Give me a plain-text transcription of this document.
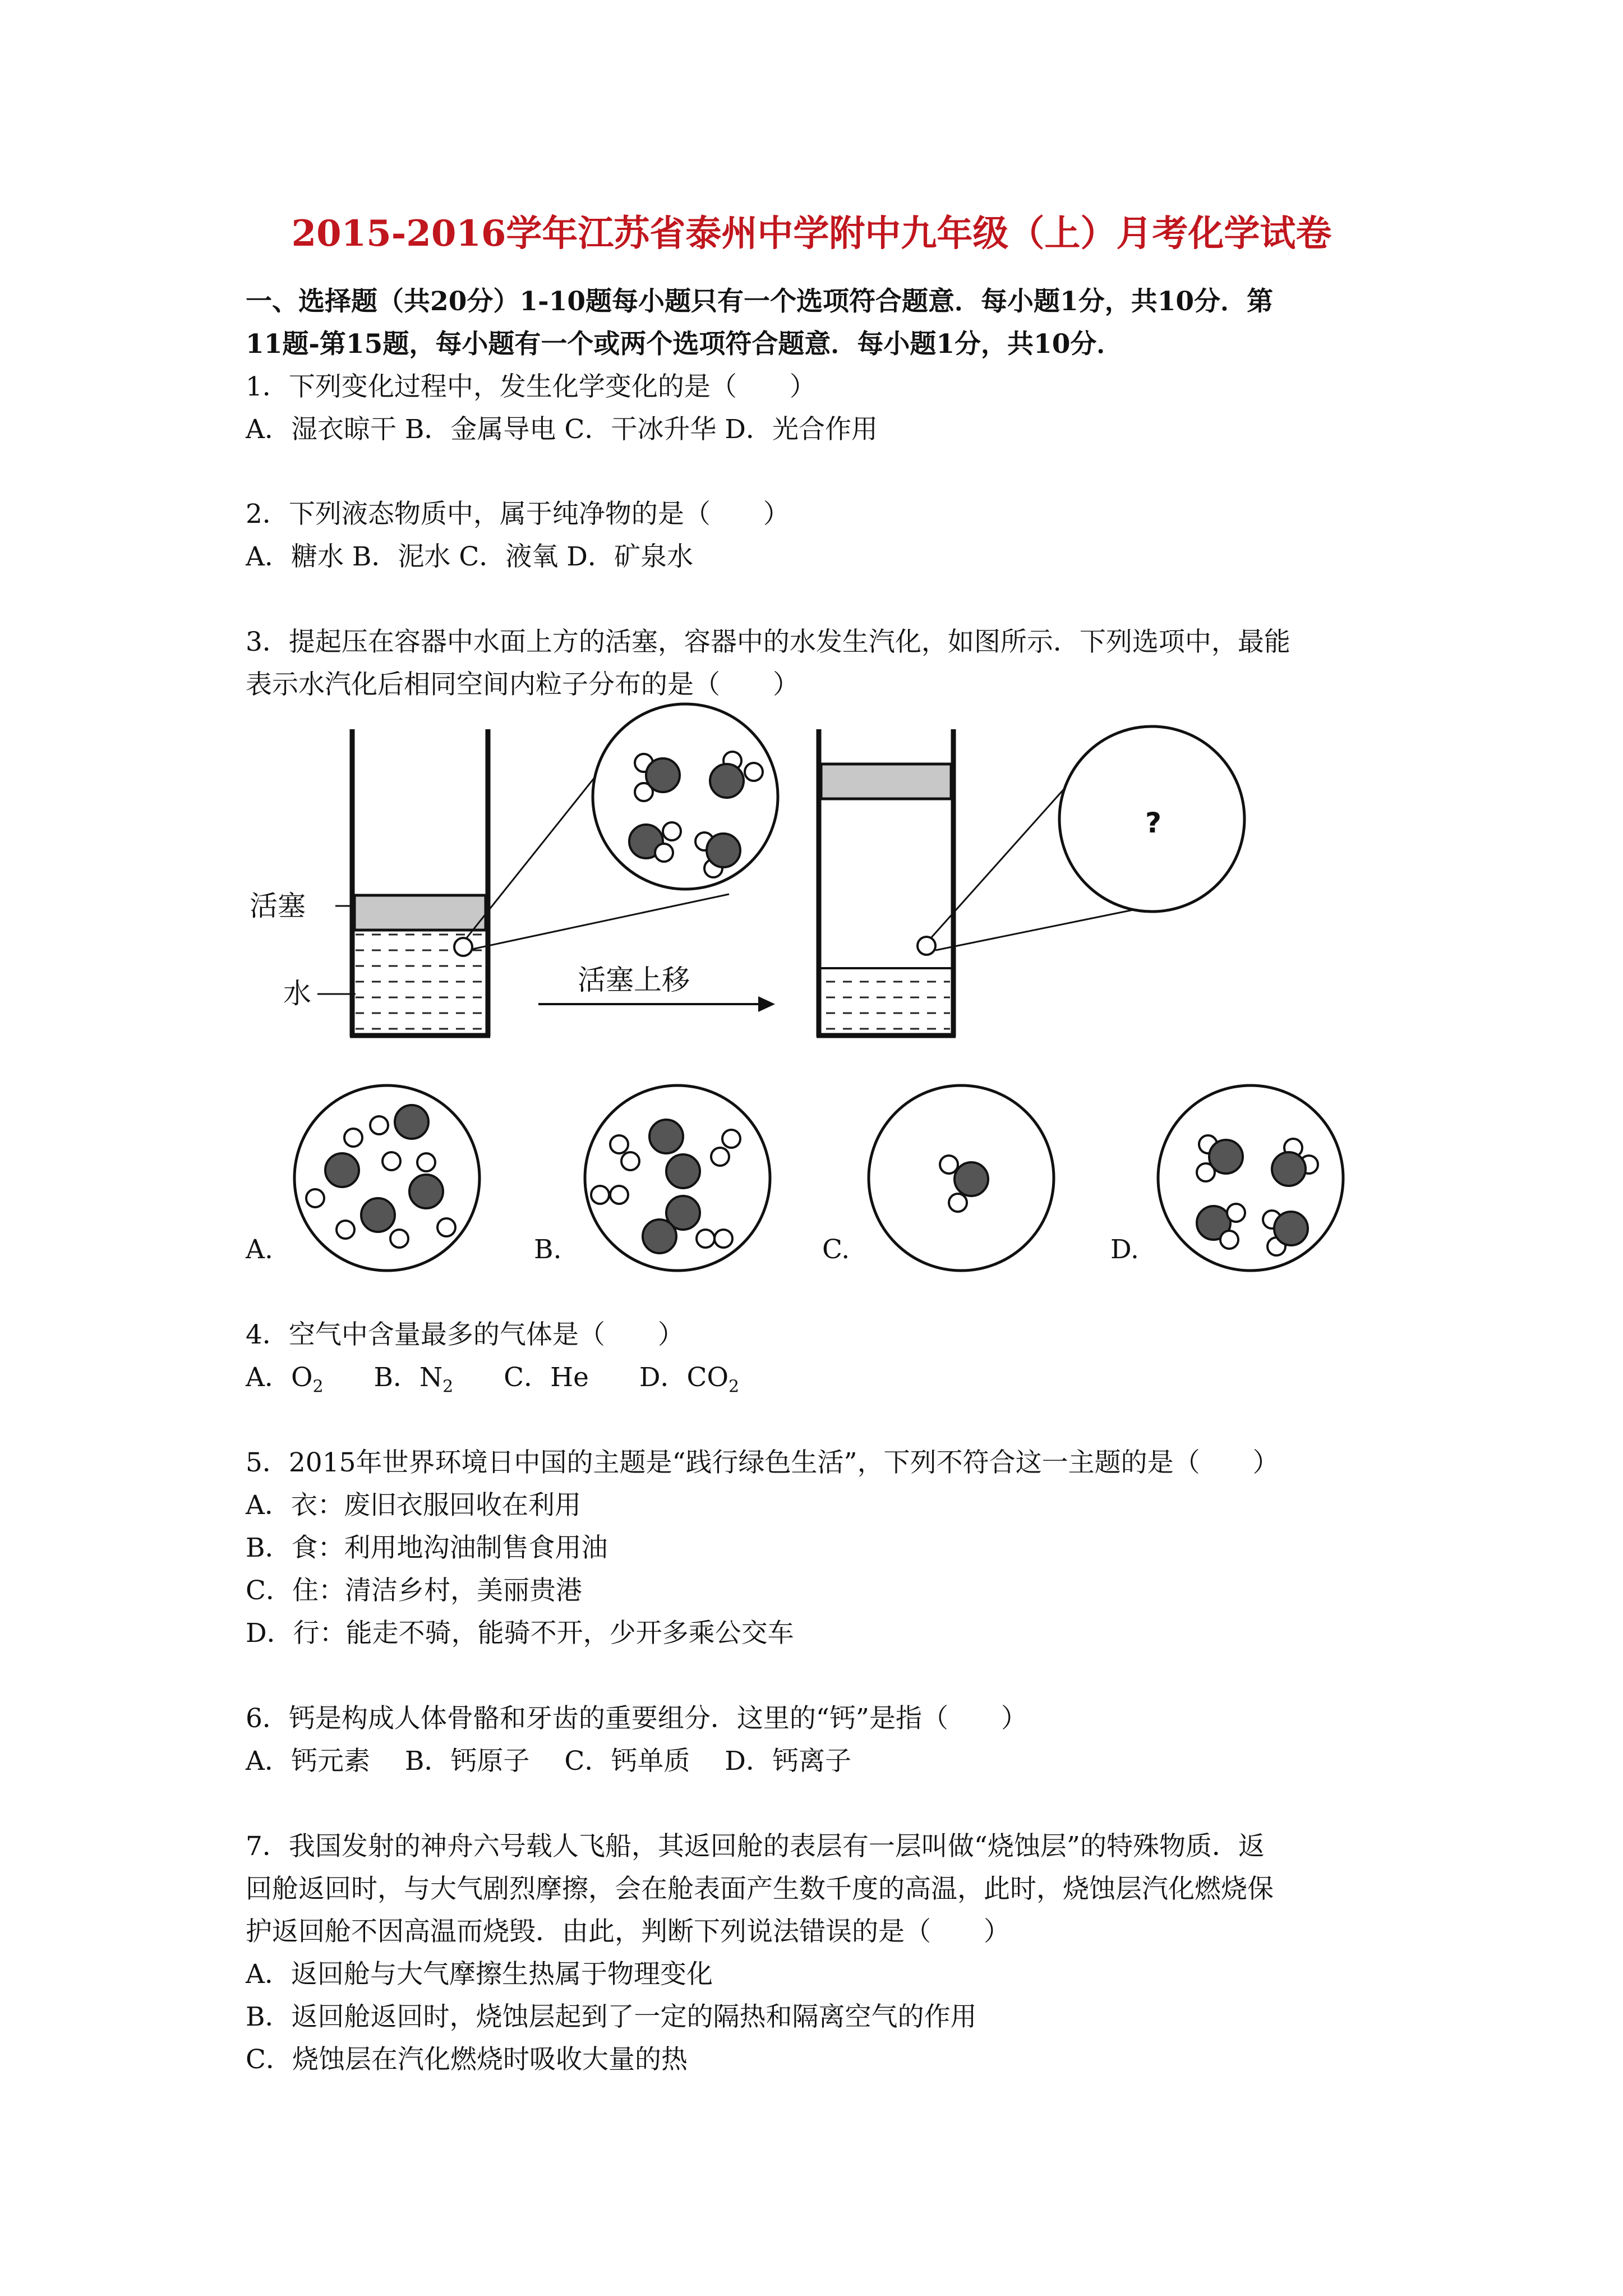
2015-2016学年江苏省泰州中学附中九年级（上）月考化学试卷
一、选择题（共20分）1-10题每小题只有一个选项符合题意．每小题1分，共10分．第
11题-第15题，每小题有一个或两个选项符合题意．每小题1分，共10分．
1．下列变化过程中，发生化学变化的是（　　）
A．湿衣晾干 B．金属导电 C．干冰升华 D．光合作用
2．下列液态物质中，属于纯净物的是（　　）
A．糖水 B．泥水 C．液氧 D．矿泉水
3．提起压在容器中水面上方的活塞，容器中的水发生汽化，如图所示．下列选项中，最能
表示水汽化后相同空间内粒子分布的是（　　）
活塞
水	活塞上移
?
A.	B.	C.	D.
4．空气中含量最多的气体是（　　）
A．$O_2$ B．$N_2$ C．He D．$CO_2$
5．2015年世界环境日中国的主题是“践行绿色生活”，下列不符合这一主题的是（　　）
A．衣：废旧衣服回收在利用
B．食：利用地沟油制售食用油
C．住：清洁乡村，美丽贵港
D．行：能走不骑，能骑不开，少开多乘公交车
6．钙是构成人体骨骼和牙齿的重要组分．这里的“钙”是指（　　）
A．钙元素　 B．钙原子　 C．钙单质　 D．钙离子
7．我国发射的神舟六号载人飞船，其返回舱的表层有一层叫做“烧蚀层”的特殊物质．返
回舱返回时，与大气剧烈摩擦，会在舱表面产生数千度的高温，此时，烧蚀层汽化燃烧保
护返回舱不因高温而烧毁．由此，判断下列说法错误的是（　　）
A．返回舱与大气摩擦生热属于物理变化
B．返回舱返回时，烧蚀层起到了一定的隔热和隔离空气的作用
C．烧蚀层在汽化燃烧时吸收大量的热
